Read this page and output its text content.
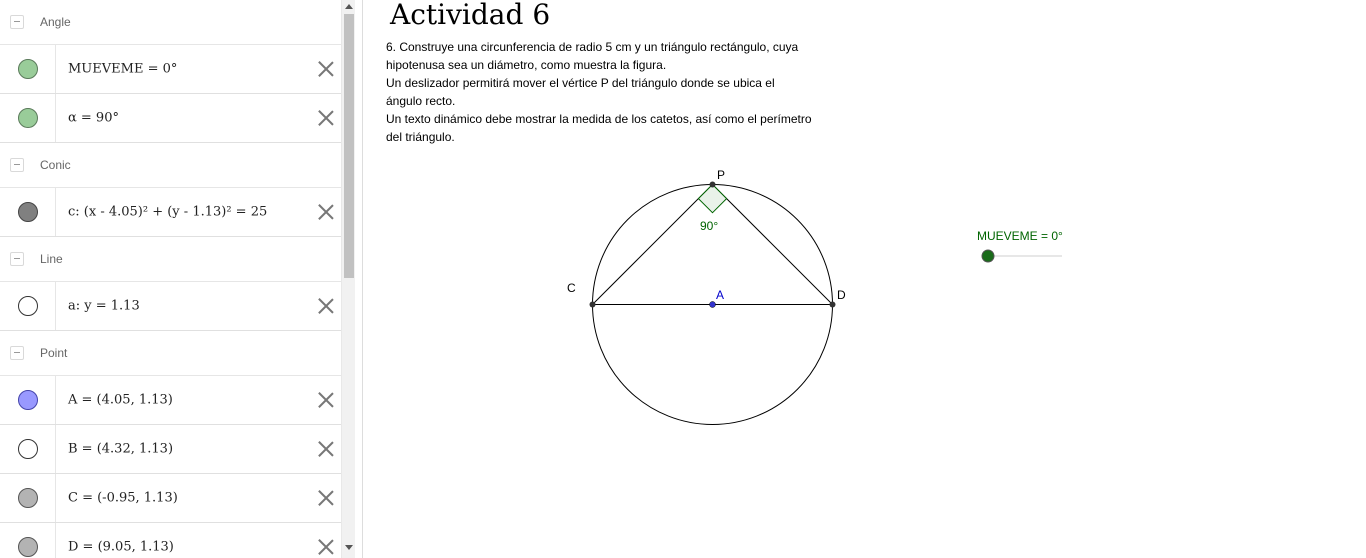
Angle
MUEVEME = 0°
α = 90°
Conic
c: (x - 4.05)² + (y - 1.13)² = 25
Line
a: y = 1.13
Point
A = (4.05, 1.13)
B = (4.32, 1.13)
C = (-0.95, 1.13)
D = (9.05, 1.13)
P
C	D
A
90°
MUEVEME = 0°
Actividad 6

6. Construye una circunferencia de radio 5 cm y un triángulo rectángulo, cuya

hipotenusa sea un diámetro, como muestra la figura.

Un deslizador permitirá mover el vértice P del triángulo donde se ubica el

ángulo recto.

Un texto dinámico debe mostrar la medida de los catetos, así como el perímetro

del triángulo.
